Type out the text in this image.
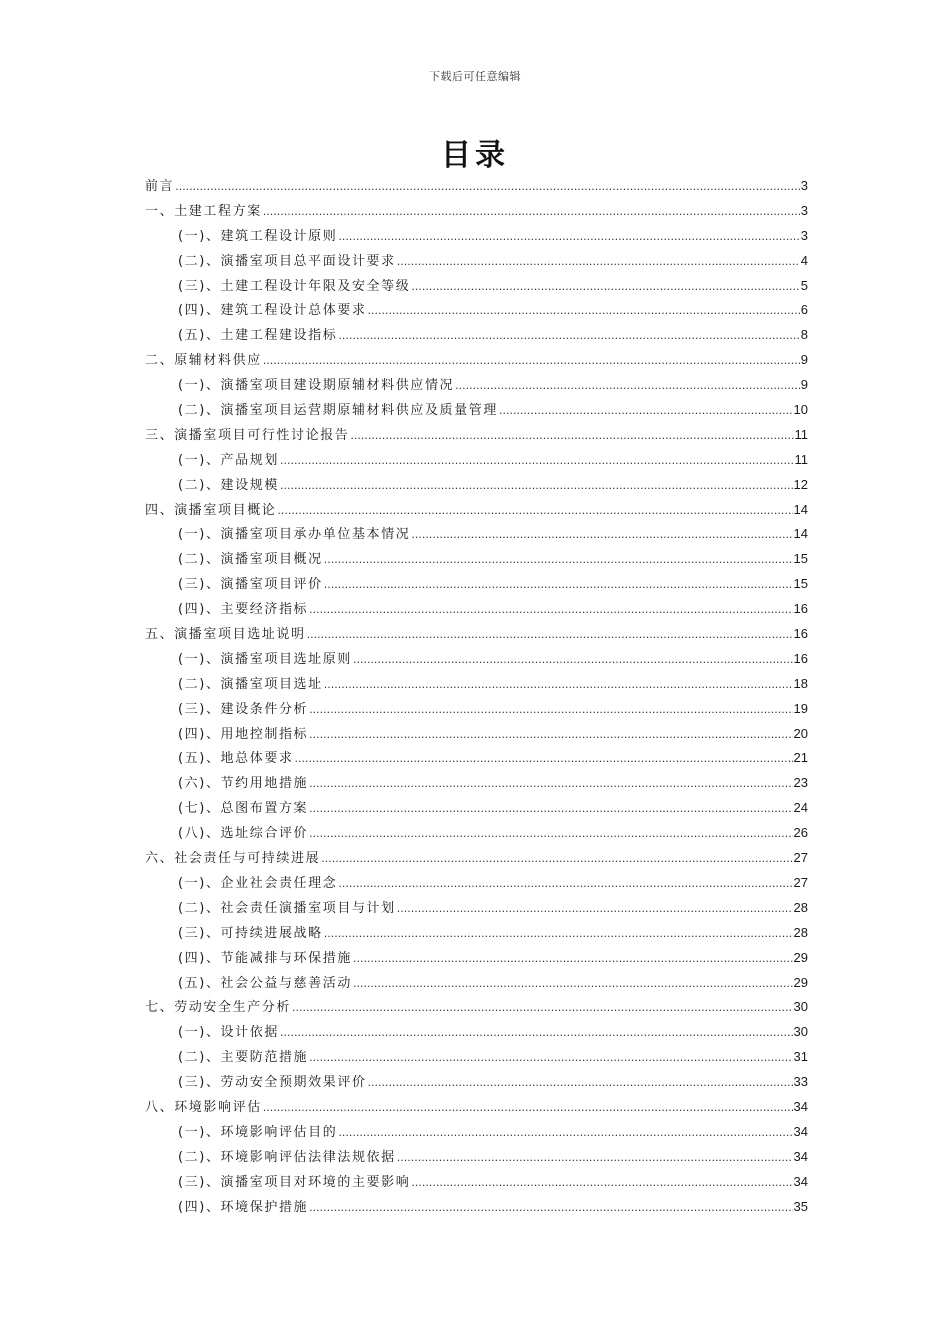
下载后可任意编辑
目录
前言 .....	3
一、土建工程方案 .....	3
(一)、建筑工程设计原则 .....	3
(二)、演播室项目总平面设计要求 .....	4
(三)、土建工程设计年限及安全等级 .....	5
(四)、建筑工程设计总体要求 .....	6
(五)、土建工程建设指标 .....	8
二、原辅材料供应 .....	9
(一)、演播室项目建设期原辅材料供应情况 .....	9
(二)、演播室项目运营期原辅材料供应及质量管理 .....	10
三、演播室项目可行性讨论报告 .....	11
(一)、产品规划 .....	11
(二)、建设规模 .....	12
四、演播室项目概论 .....	14
(一)、演播室项目承办单位基本情况 .....	14
(二)、演播室项目概况 .....	15
(三)、演播室项目评价 .....	15
(四)、主要经济指标 .....	16
五、演播室项目选址说明 .....	16
(一)、演播室项目选址原则 .....	16
(二)、演播室项目选址 .....	18
(三)、建设条件分析 .....	19
(四)、用地控制指标 .....	20
(五)、地总体要求 .....	21
(六)、节约用地措施 .....	23
(七)、总图布置方案 .....	24
(八)、选址综合评价 .....	26
六、社会责任与可持续进展 .....	27
(一)、企业社会责任理念 .....	27
(二)、社会责任演播室项目与计划 .....	28
(三)、可持续进展战略 .....	28
(四)、节能减排与环保措施 .....	29
(五)、社会公益与慈善活动 .....	29
七、劳动安全生产分析 .....	30
(一)、设计依据 .....	30
(二)、主要防范措施 .....	31
(三)、劳动安全预期效果评价 .....	33
八、环境影响评估 .....	34
(一)、环境影响评估目的 .....	34
(二)、环境影响评估法律法规依据 .....	34
(三)、演播室项目对环境的主要影响 .....	34
(四)、环境保护措施 .....	35
